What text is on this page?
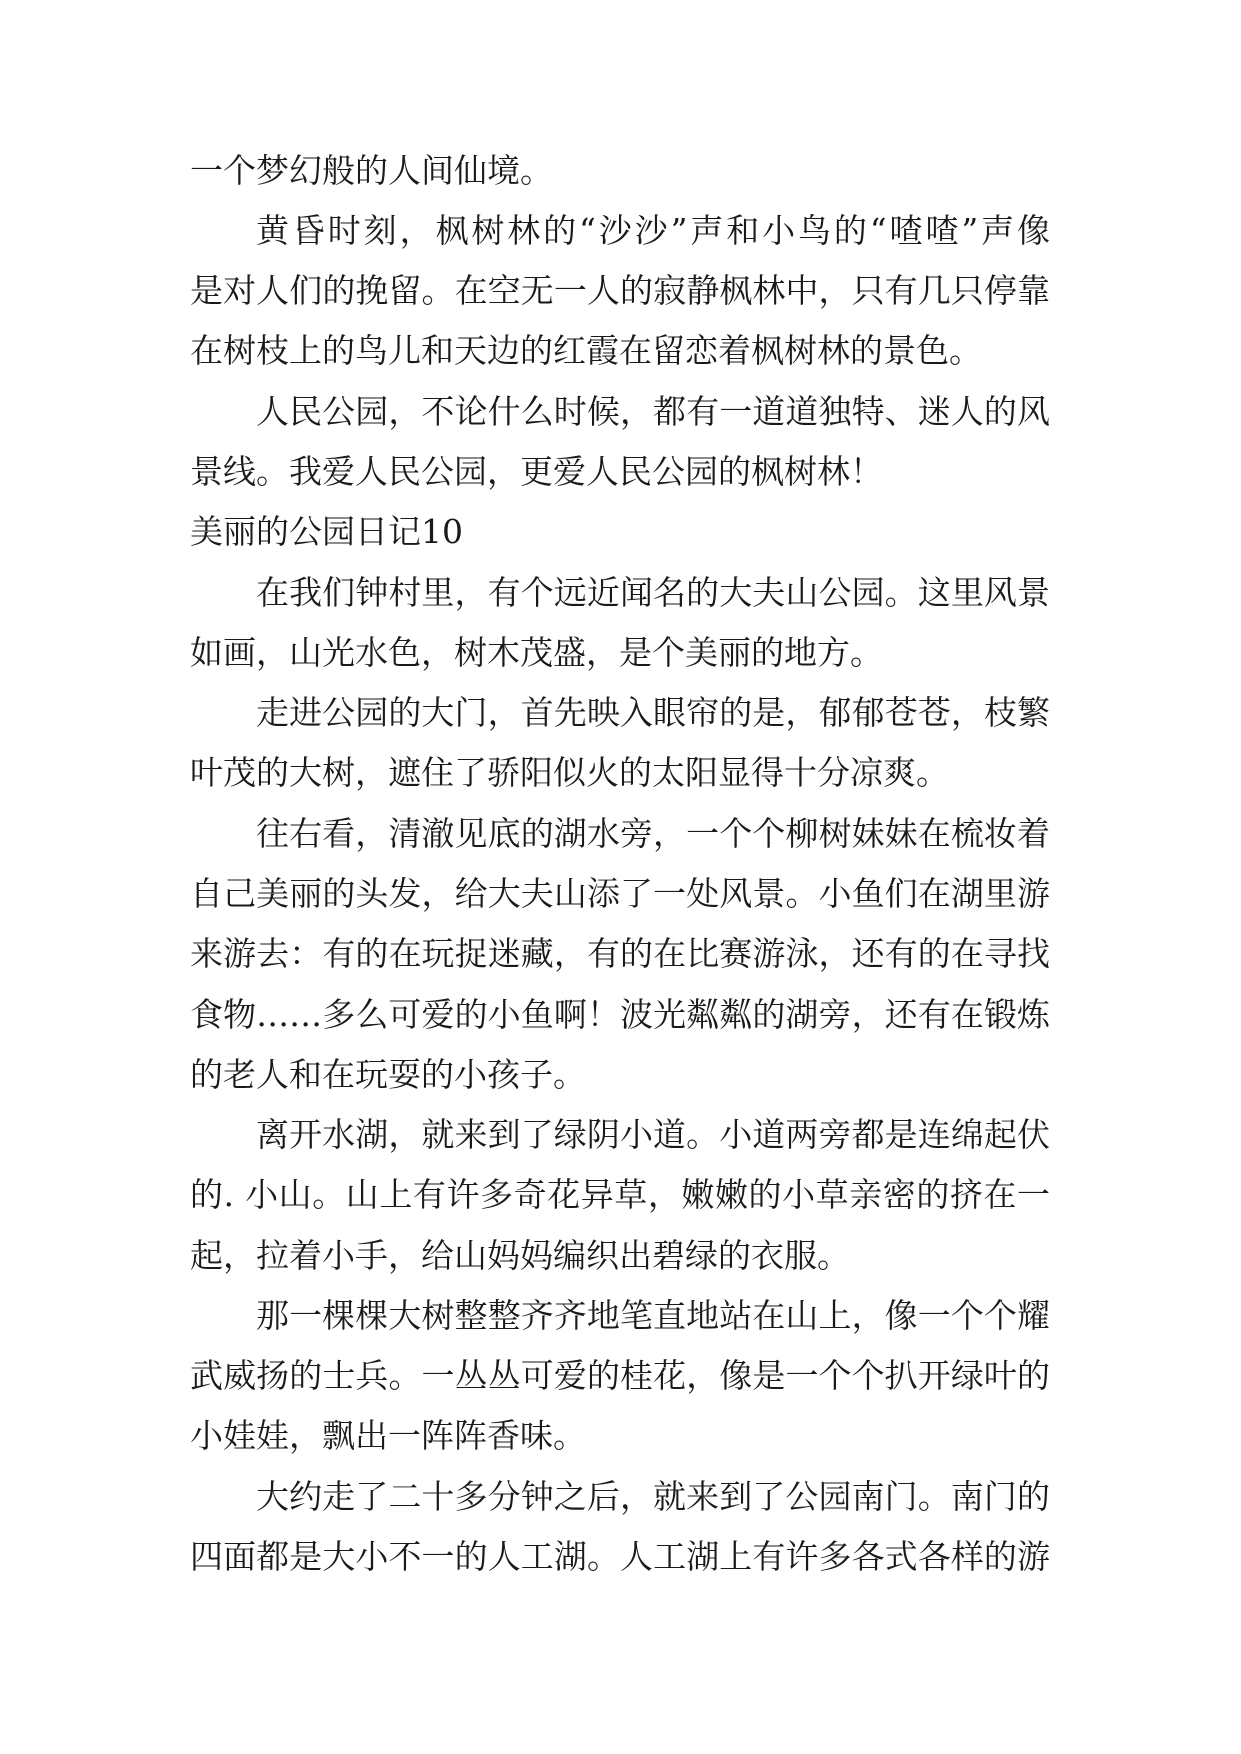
一个梦幻般的人间仙境。
黄昏时刻，枫树林的“沙沙”声和小鸟的“喳喳”声像
是对人们的挽留。在空无一人的寂静枫林中，只有几只停靠
在树枝上的鸟儿和天边的红霞在留恋着枫树林的景色。
人民公园，不论什么时候，都有一道道独特、迷人的风
景线。我爱人民公园，更爱人民公园的枫树林！
美丽的公园日记10
在我们钟村里，有个远近闻名的大夫山公园。这里风景
如画，山光水色，树木茂盛，是个美丽的地方。
走进公园的大门，首先映入眼帘的是，郁郁苍苍，枝繁
叶茂的大树，遮住了骄阳似火的太阳显得十分凉爽。
往右看，清澈见底的湖水旁，一个个柳树妹妹在梳妆着
自己美丽的头发，给大夫山添了一处风景。小鱼们在湖里游
来游去：有的在玩捉迷藏，有的在比赛游泳，还有的在寻找
食物……多么可爱的小鱼啊！波光粼粼的湖旁，还有在锻炼
的老人和在玩耍的小孩子。
离开水湖，就来到了绿阴小道。小道两旁都是连绵起伏
的. 小山。山上有许多奇花异草，嫩嫩的小草亲密的挤在一
起，拉着小手，给山妈妈编织出碧绿的衣服。
那一棵棵大树整整齐齐地笔直地站在山上，像一个个耀
武威扬的士兵。一丛丛可爱的桂花，像是一个个扒开绿叶的
小娃娃，飘出一阵阵香味。
大约走了二十多分钟之后，就来到了公园南门。南门的
四面都是大小不一的人工湖。人工湖上有许多各式各样的游
